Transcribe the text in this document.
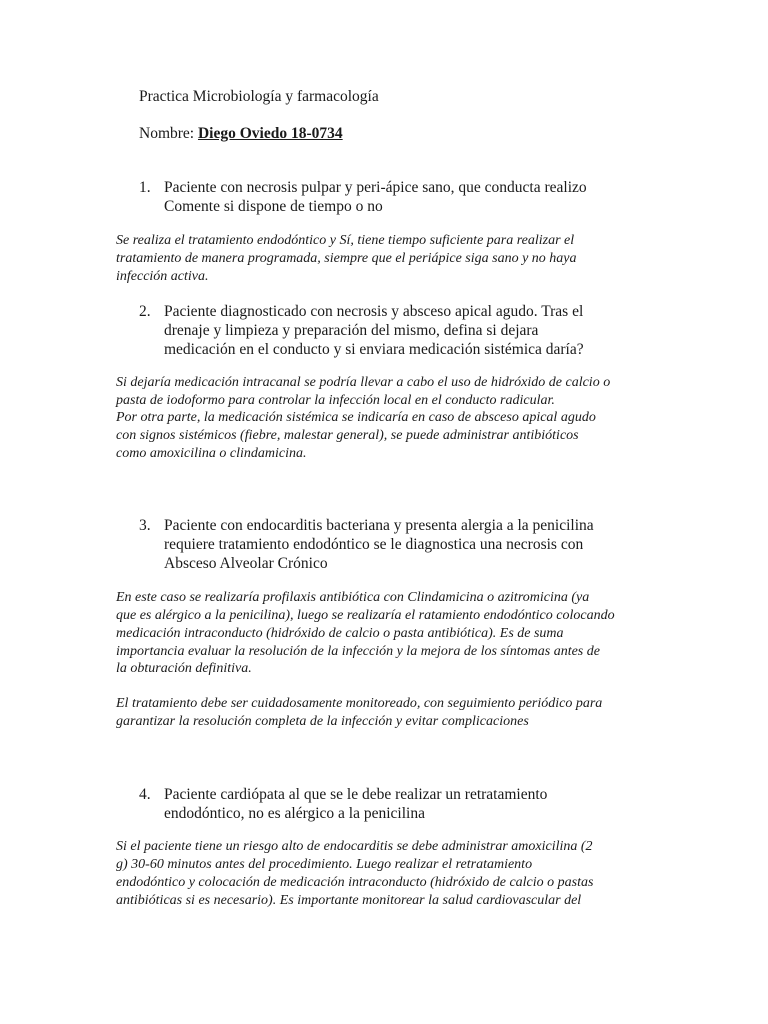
Practica Microbiología y farmacología

Nombre: Diego Oviedo 18-0734

1. Paciente con necrosis pulpar y peri-ápice sano, que conducta realizo

Comente si dispone de tiempo o no

Se realiza el tratamiento endodóntico y Sí, tiene tiempo suficiente para realizar el

tratamiento de manera programada, siempre que el periápice siga sano y no haya

infección activa.

2. Paciente diagnosticado con necrosis y absceso apical agudo. Tras el

drenaje y limpieza y preparación del mismo, defina si dejara

medicación en el conducto y si enviara medicación sistémica daría?

Si dejaría medicación intracanal se podría llevar a cabo el uso de hidróxido de calcio o

pasta de iodoformo para controlar la infección local en el conducto radicular.

Por otra parte, la medicación sistémica se indicaría en caso de absceso apical agudo

con signos sistémicos (fiebre, malestar general), se puede administrar antibióticos

como amoxicilina o clindamicina.

3. Paciente con endocarditis bacteriana y presenta alergia a la penicilina

requiere tratamiento endodóntico se le diagnostica una necrosis con

Absceso Alveolar Crónico

En este caso se realizaría profilaxis antibiótica con Clindamicina o azitromicina (ya

que es alérgico a la penicilina), luego se realizaría el ratamiento endodóntico colocando

medicación intraconducto (hidróxido de calcio o pasta antibiótica). Es de suma

importancia evaluar la resolución de la infección y la mejora de los síntomas antes de

la obturación definitiva.

El tratamiento debe ser cuidadosamente monitoreado, con seguimiento periódico para

garantizar la resolución completa de la infección y evitar complicaciones

4. Paciente cardiópata al que se le debe realizar un retratamiento

endodóntico, no es alérgico a la penicilina

Si el paciente tiene un riesgo alto de endocarditis se debe administrar amoxicilina (2

g) 30-60 minutos antes del procedimiento. Luego realizar el retratamiento

endodóntico y colocación de medicación intraconducto (hidróxido de calcio o pastas

antibióticas si es necesario). Es importante monitorear la salud cardiovascular del
